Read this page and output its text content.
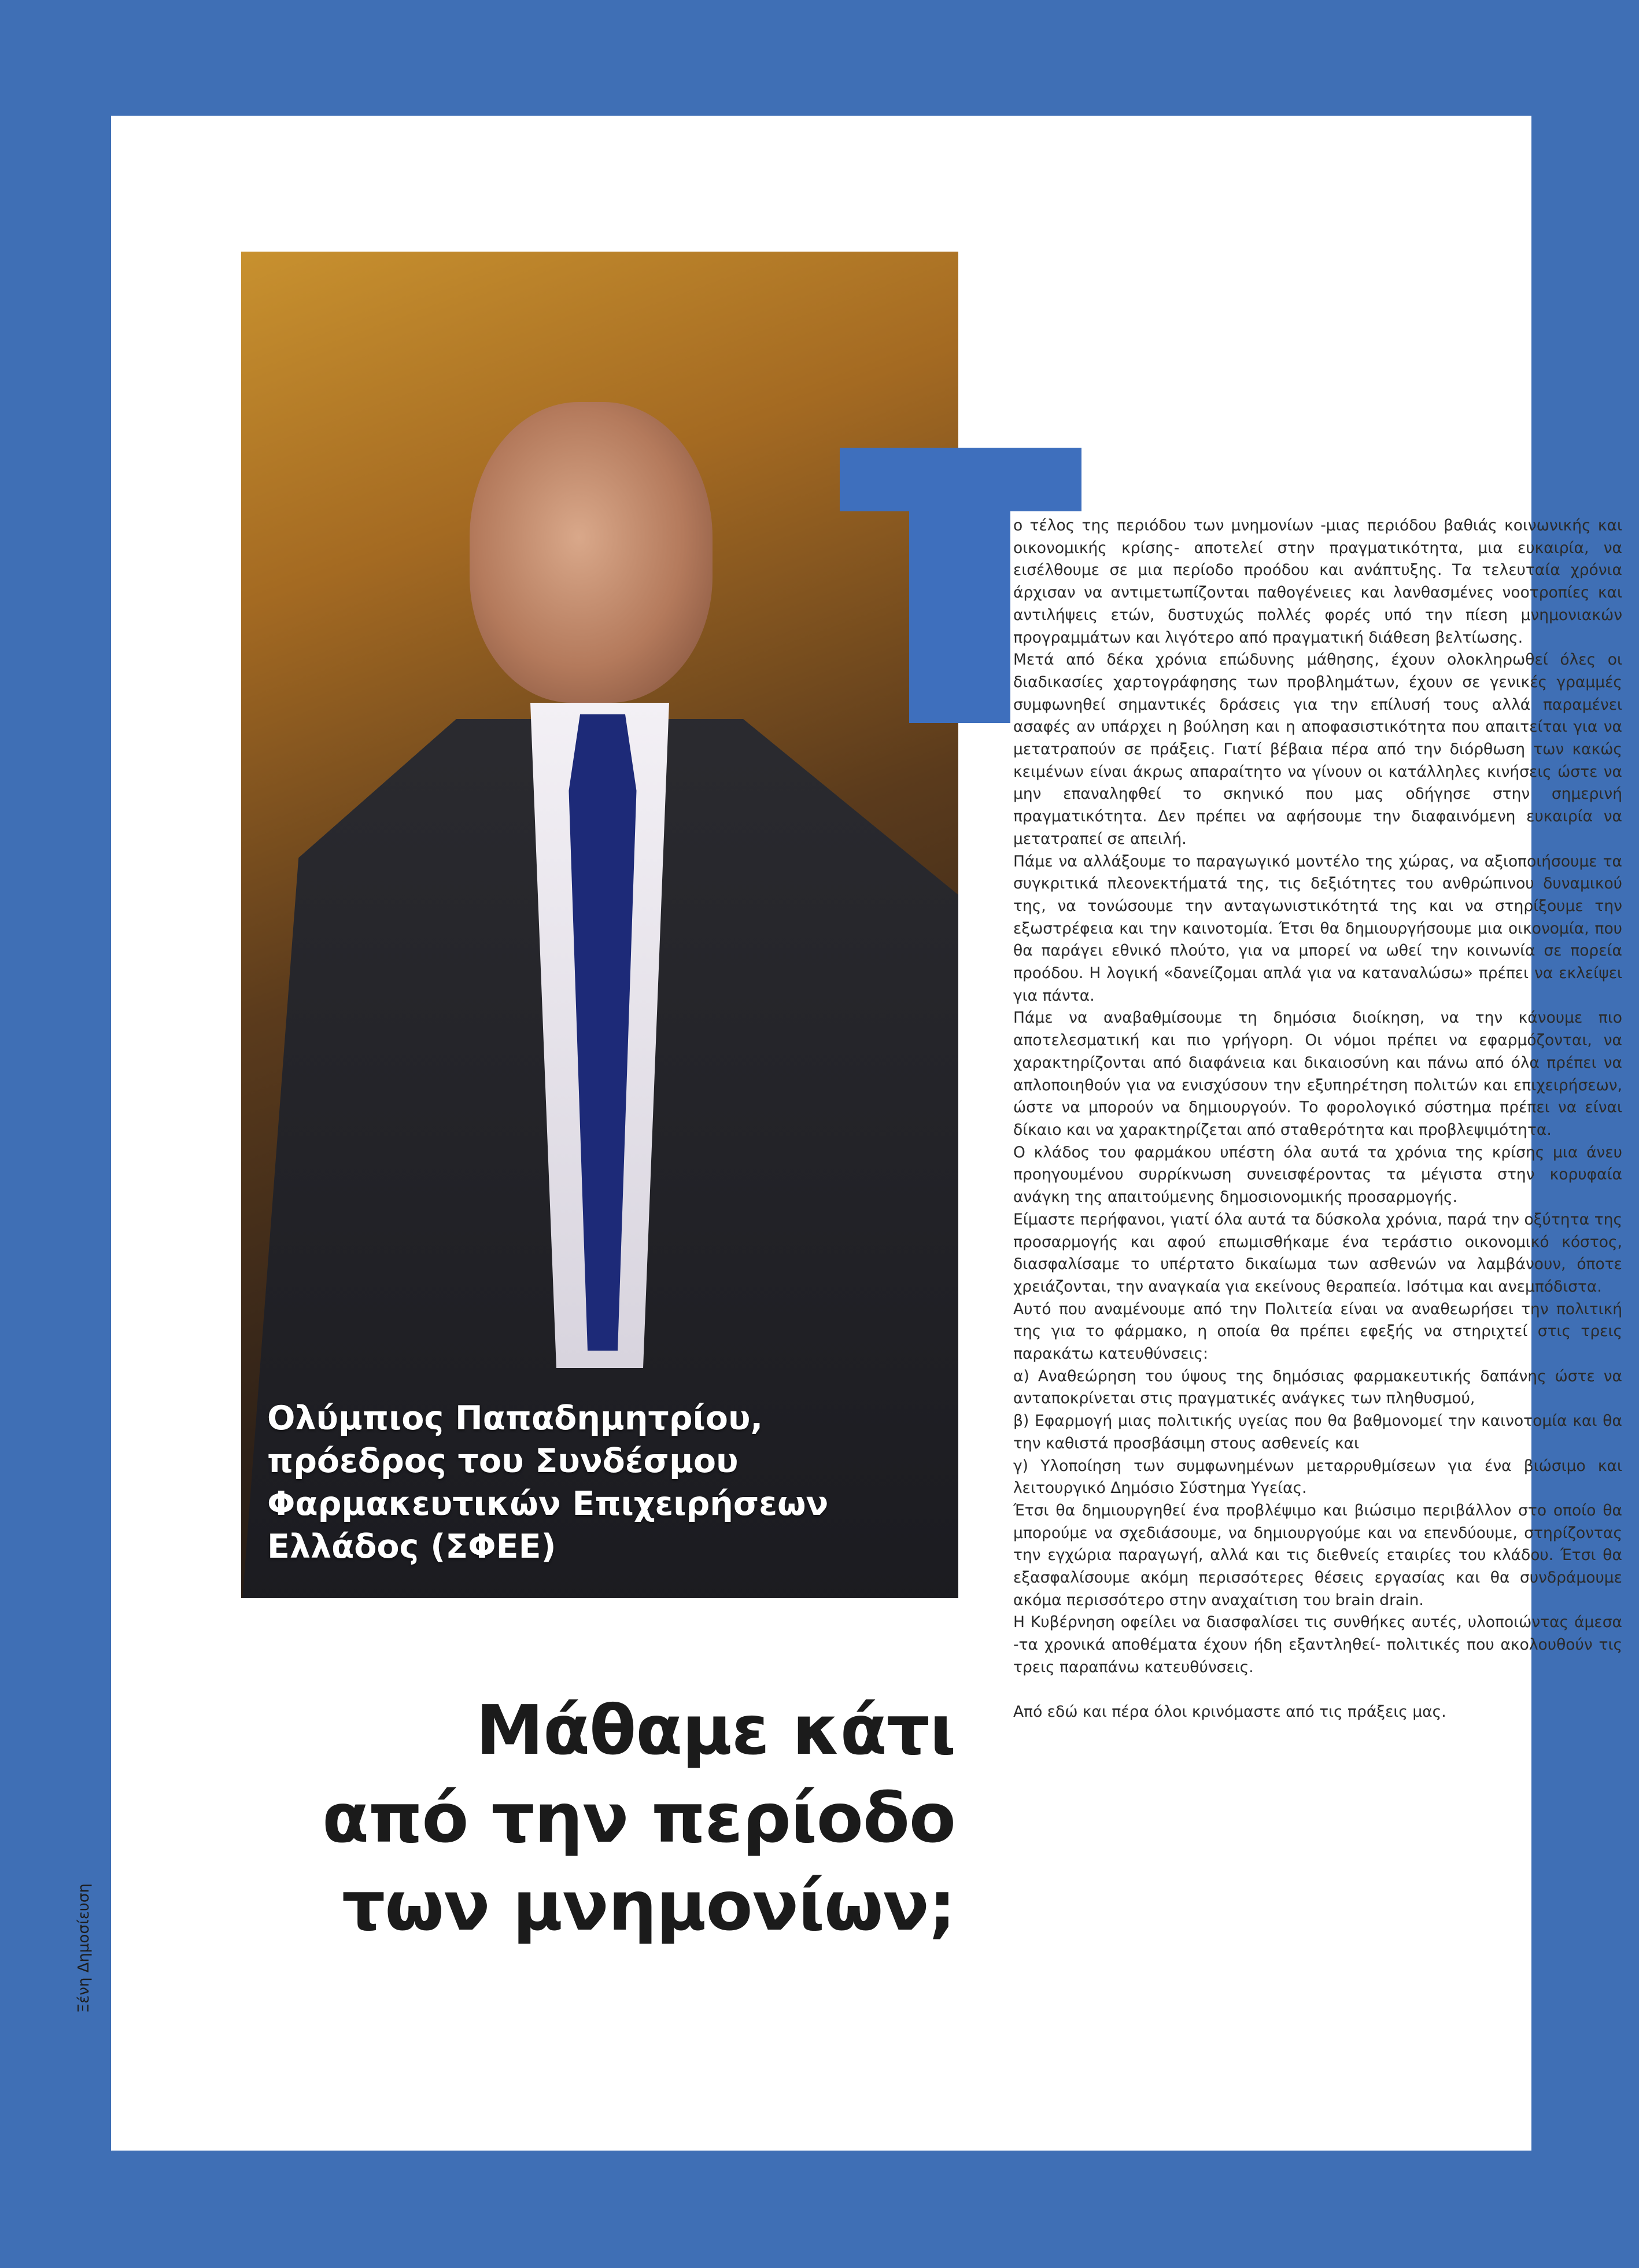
Ολύμπιος Παπαδημητρίου,
πρόεδρος του Συνδέσμου
Φαρμακευτικών Επιχειρήσεων
Ελλάδος (ΣΦΕΕ)
Μάθαμε κάτι
από την περίοδο
των μνημονίων;

ο τέλος της περιόδου των μνημονίων -μιας περιόδου βαθιάς κοινωνικής και οικονομικής κρίσης- αποτελεί στην πραγματικότητα, μια ευκαιρία, να εισέλθουμε σε μια περίοδο προόδου και ανάπτυξης. Τα τελευταία χρόνια άρχισαν να αντιμετωπίζονται παθογένειες και λανθασμένες νοοτροπίες και αντιλήψεις ετών, δυστυχώς πολλές φορές υπό την πίεση μνημονιακών προγραμμάτων και λιγότερο από πραγματική διάθεση βελτίωσης.

Μετά από δέκα χρόνια επώδυνης μάθησης, έχουν ολοκληρωθεί όλες οι διαδικασίες χαρτογράφησης των προβλημάτων, έχουν σε γενικές γραμμές συμφωνηθεί σημαντικές δράσεις για την επίλυσή τους αλλά παραμένει ασαφές αν υπάρχει η βούληση και η αποφασιστικότητα που απαιτείται για να μετατραπούν σε πράξεις. Γιατί βέβαια πέρα από την διόρθωση των κακώς κειμένων είναι άκρως απαραίτητο να γίνουν οι κατάλληλες κινήσεις ώστε να μην επαναληφθεί το σκηνικό που μας οδήγησε στην σημερινή πραγματικότητα. Δεν πρέπει να αφήσουμε την διαφαινόμενη ευκαιρία να μετατραπεί σε απειλή.

Πάμε να αλλάξουμε το παραγωγικό μοντέλο της χώρας, να αξιοποιήσουμε τα συγκριτικά πλεονεκτήματά της, τις δεξιότητες του ανθρώπινου δυναμικού της, να τονώσουμε την ανταγωνιστικότητά της και να στηρίξουμε την εξωστρέφεια και την καινοτομία. Έτσι θα δημιουργήσουμε μια οικονομία, που θα παράγει εθνικό πλούτο, για να μπορεί να ωθεί την κοινωνία σε πορεία προόδου. Η λογική «δανείζομαι απλά για να καταναλώσω» πρέπει να εκλείψει για πάντα.

Πάμε να αναβαθμίσουμε τη δημόσια διοίκηση, να την κάνουμε πιο αποτελεσματική και πιο γρήγορη. Οι νόμοι πρέπει να εφαρμόζονται, να χαρακτηρίζονται από διαφάνεια και δικαιοσύνη και πάνω από όλα πρέπει να απλοποιηθούν για να ενισχύσουν την εξυπηρέτηση πολιτών και επιχειρήσεων, ώστε να μπορούν να δημιουργούν. Το φορολογικό σύστημα πρέπει να είναι δίκαιο και να χαρακτηρίζεται από σταθερότητα και προβλεψιμότητα.

Ο κλάδος του φαρμάκου υπέστη όλα αυτά τα χρόνια της κρίσης μια άνευ προηγουμένου συρρίκνωση συνεισφέροντας τα μέγιστα στην κορυφαία ανάγκη της απαιτούμενης δημοσιονομικής προσαρμογής.

Είμαστε περήφανοι, γιατί όλα αυτά τα δύσκολα χρόνια, παρά την οξύτητα της προσαρμογής και αφού επωμισθήκαμε ένα τεράστιο οικονομικό κόστος, διασφαλίσαμε το υπέρτατο δικαίωμα των ασθενών να λαμβάνουν, όποτε χρειάζονται, την αναγκαία για εκείνους θεραπεία. Ισότιμα και ανεμπόδιστα.

Αυτό που αναμένουμε από την Πολιτεία είναι να αναθεωρήσει την πολιτική της για το φάρμακο, η οποία θα πρέπει εφεξής να στηριχτεί στις τρεις παρακάτω κατευθύνσεις:

α) Αναθεώρηση του ύψους της δημόσιας φαρμακευτικής δαπάνης ώστε να ανταποκρίνεται στις πραγματικές ανάγκες των πληθυσμού,

β) Εφαρμογή μιας πολιτικής υγείας που θα βαθμονομεί την καινοτομία και θα την καθιστά προσβάσιμη στους ασθενείς και

γ) Υλοποίηση των συμφωνημένων μεταρρυθμίσεων για ένα βιώσιμο και λειτουργικό Δημόσιο Σύστημα Υγείας.

Έτσι θα δημιουργηθεί ένα προβλέψιμο και βιώσιμο περιβάλλον στο οποίο θα μπορούμε να σχεδιάσουμε, να δημιουργούμε και να επενδύουμε, στηρίζοντας την εγχώρια παραγωγή, αλλά και τις διεθνείς εταιρίες του κλάδου. Έτσι θα εξασφαλίσουμε ακόμη περισσότερες θέσεις εργασίας και θα συνδράμουμε ακόμα περισσότερο στην αναχαίτιση του brain drain.

Η Κυβέρνηση οφείλει να διασφαλίσει τις συνθήκες αυτές, υλοποιώντας άμεσα -τα χρονικά αποθέματα έχουν ήδη εξαντληθεί- πολιτικές που ακολουθούν τις τρεις παραπάνω κατευθύνσεις.

Από εδώ και πέρα όλοι κρινόμαστε από τις πράξεις μας.

Ξένη Δημοσίευση
